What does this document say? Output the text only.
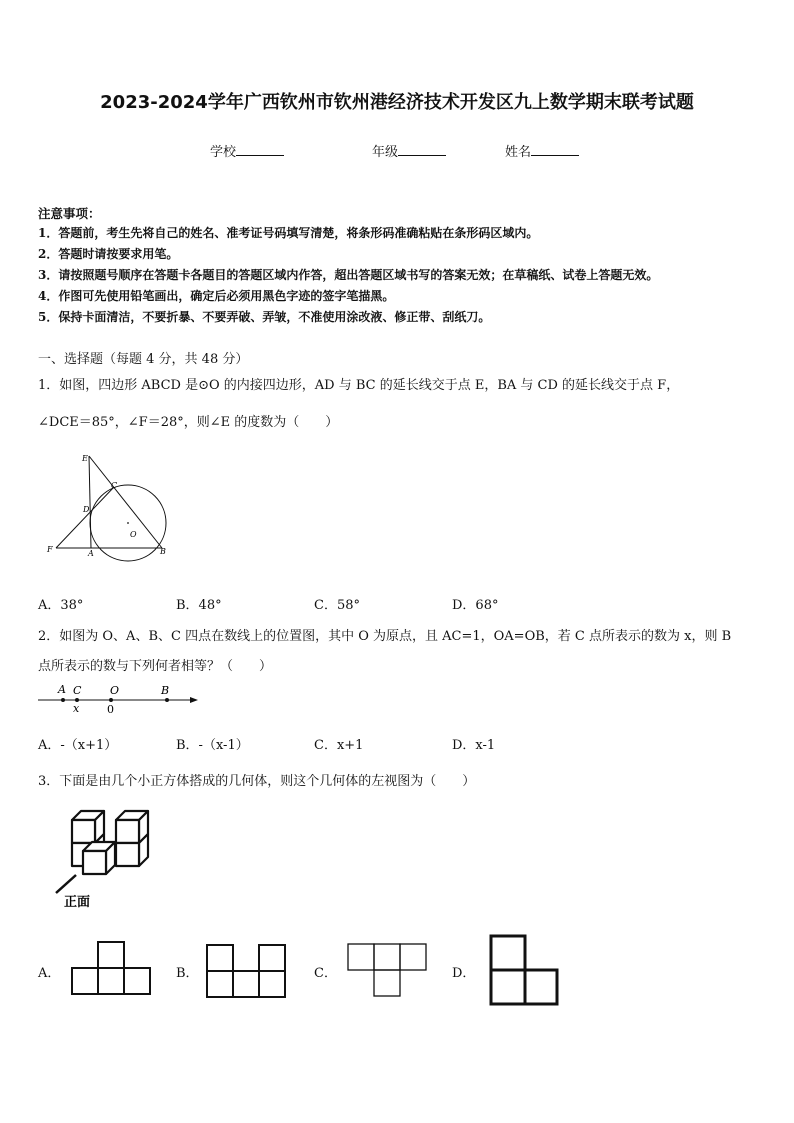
2023-2024学年广西钦州市钦州港经济技术开发区九上数学期末联考试题
学校	年级	姓名
注意事项：
1．答题前，考生先将自己的姓名、准考证号码填写清楚，将条形码准确粘贴在条形码区域内。
2．答题时请按要求用笔。
3．请按照题号顺序在答题卡各题目的答题区域内作答，超出答题区域书写的答案无效；在草稿纸、试卷上答题无效。
4．作图可先使用铅笔画出，确定后必须用黑色字迹的签字笔描黑。
5．保持卡面清洁，不要折暴、不要弄破、弄皱，不准使用涂改液、修正带、刮纸刀。
一、选择题（每题 4 分，共 48 分）
1．如图，四边形 ABCD 是⊙O 的内接四边形，AD 与 BC 的延长线交于点 E，BA 与 CD 的延长线交于点 F，
∠DCE＝85°，∠F＝28°，则∠E 的度数为（　　）
E
C
D
O
F	A	B
A．38°	B．48°	C．58°	D．68°
2．如图为 O、A、B、C 四点在数线上的位置图，其中 O 为原点，且 AC=1，OA=OB，若 C 点所表示的数为 x，则 B
点所表示的数与下列何者相等？（　　）
A C	O	B
x	0
A．-（x+1）	B．-（x-1）	C．x+1	D．x-1
3．下面是由几个小正方体搭成的几何体，则这个几何体的左视图为（　　）
正面
A．	B．	C．	D．
